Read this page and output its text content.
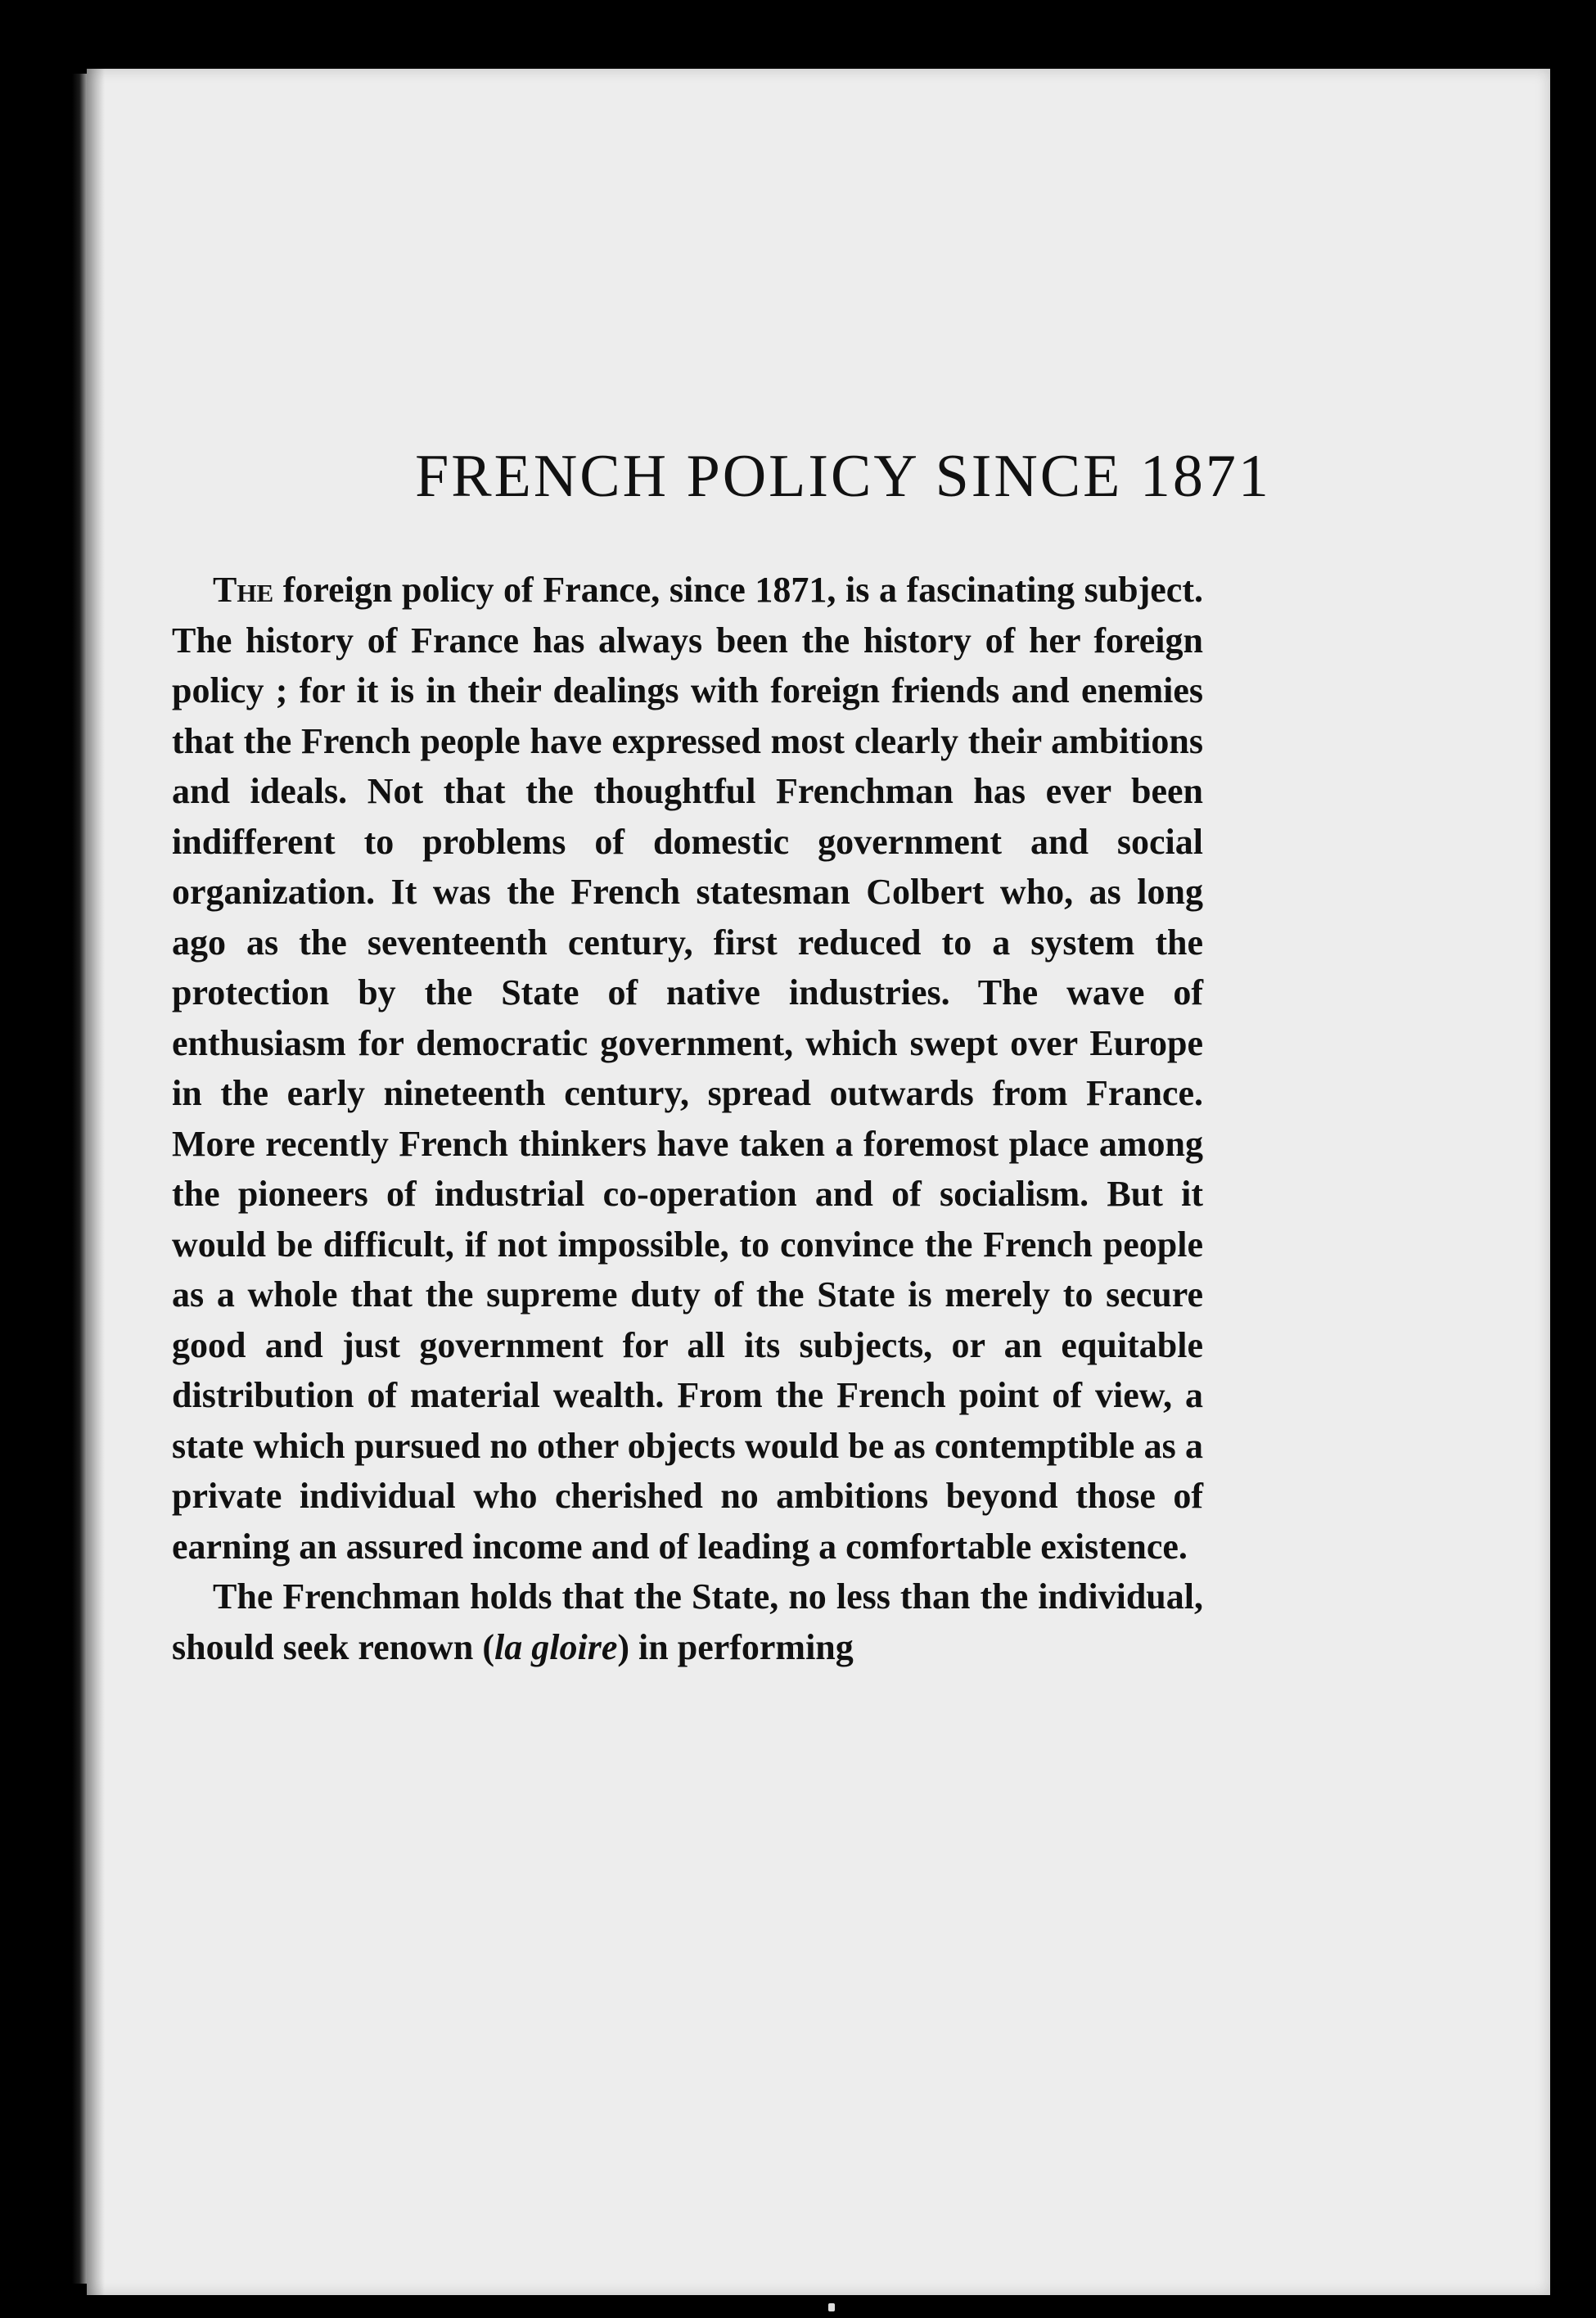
FRENCH POLICY SINCE 1871

The foreign policy of France, since 1871, is a fascinating subject. The history of France has always been the history of her foreign policy ; for it is in their dealings with foreign friends and enemies that the French people have expressed most clearly their ambitions and ideals. Not that the thoughtful Frenchman has ever been indifferent to problems of domestic government and social organization. It was the French statesman Colbert who, as long ago as the seventeenth century, first reduced to a system the protection by the State of native industries. The wave of enthusiasm for democratic government, which swept over Europe in the early nineteenth century, spread outwards from France. More recently French thinkers have taken a foremost place among the pioneers of industrial co-operation and of socialism. But it would be difficult, if not impossible, to convince the French people as a whole that the supreme duty of the State is merely to secure good and just government for all its subjects, or an equitable distribution of material wealth. From the French point of view, a state which pursued no other objects would be as contemptible as a private individual who cherished no ambitions beyond those of earning an assured income and of leading a comfortable existence.

The Frenchman holds that the State, no less than the individual, should seek renown (la gloire) in performing
